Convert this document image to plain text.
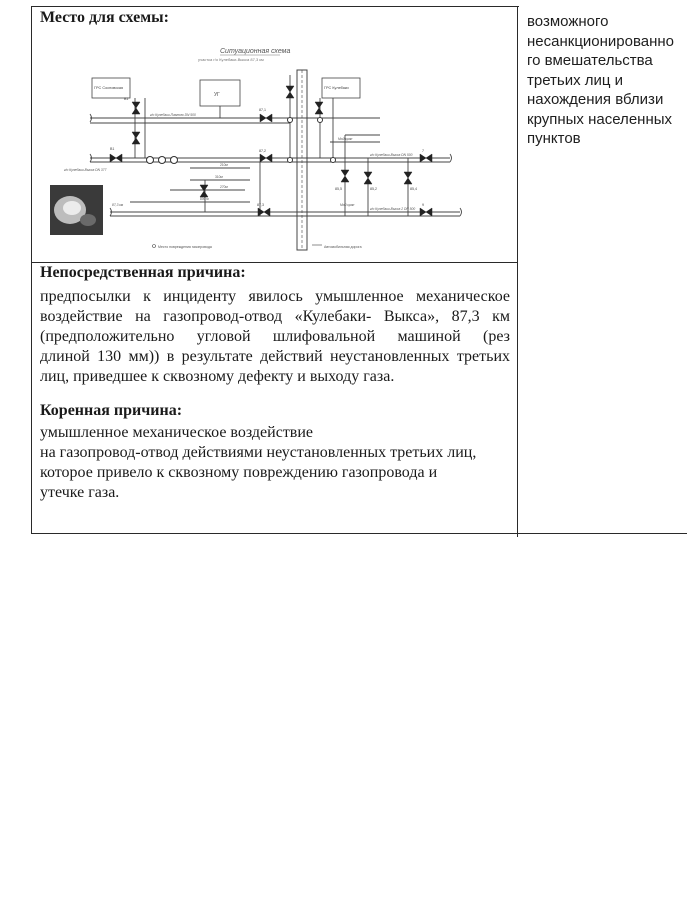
Место для схемы:
Ситуационная схема
участка г/о Кулебаки-Выкса 87,3 км
ГРС Сосновская
УГ
ГРС Кулебаки
В1
87,1
87,2
87,3
85,5	85,2	85,4
7
9
В1
г/о Кулебаки-Павлово DN 500
г/о Кулебаки-Выкса DN 377
г/о Кулебаки-Выкса DN 500
г/о Кулебаки-Выкса 2 DN 500
87,3 км
Мой кран
Мой кран
210м
310м
270м
800 м
Место повреждения газопровода	Автомобильная дорога
возможного
несанкционированно
го вмешательства
третьих лиц и
нахождения вблизи
крупных населенных
пунктов
Непосредственная причина:
предпосылки к инциденту явилось умышленное механическое
воздействие на газопровод-отвод «Кулебаки- Выкса», 87,3 км
(предположительно угловой шлифовальной машиной (рез
длиной 130 мм)) в результате действий неустановленных третьих
лиц, приведшее к сквозному дефекту и выходу газа.
Коренная причина:
умышленное механическое воздействие
на газопровод-отвод действиями неустановленных третьих лиц,
которое привело к сквозному повреждению газопровода и
утечке газа.
